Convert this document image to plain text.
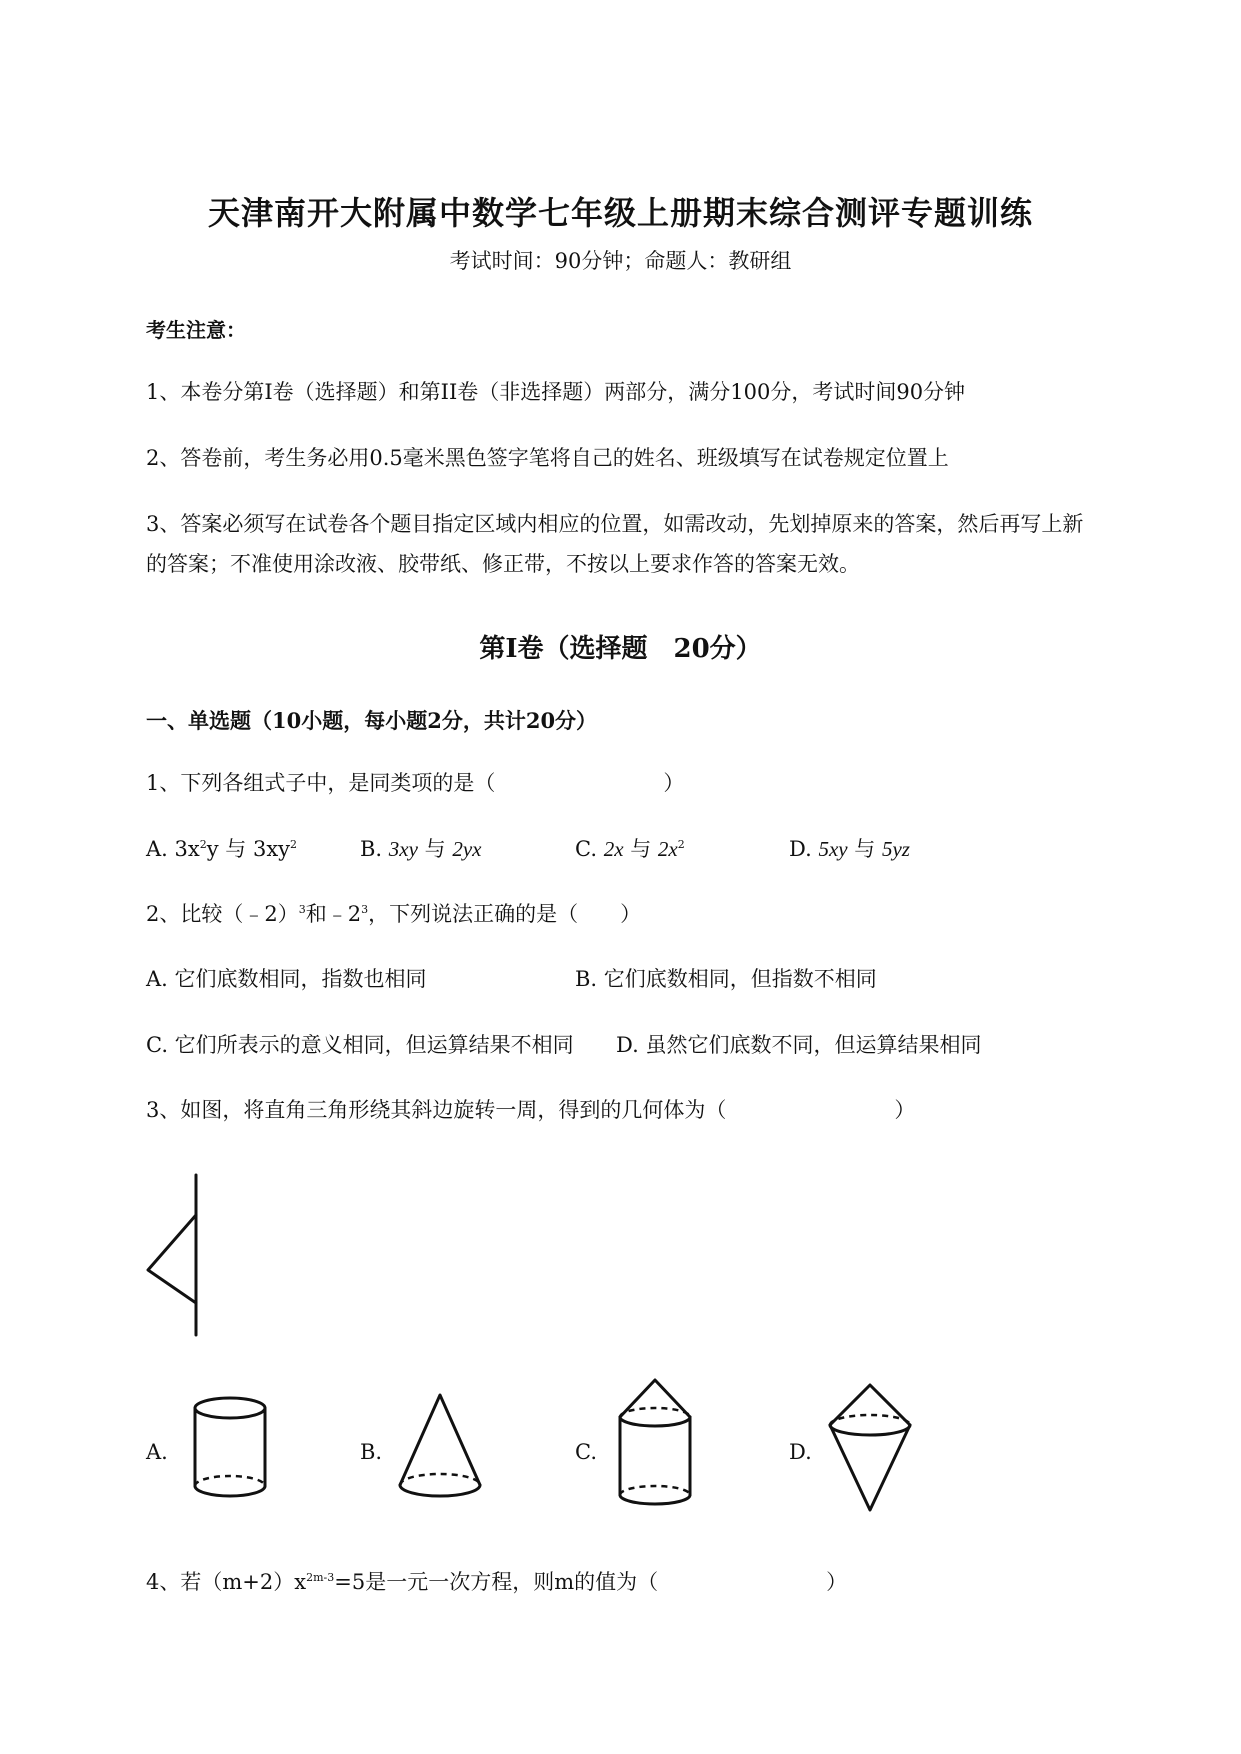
天津南开大附属中数学七年级上册期末综合测评专题训练
考试时间：90分钟；命题人：教研组
考生注意：
1、本卷分第I卷（选择题）和第II卷（非选择题）两部分，满分100分，考试时间90分钟
2、答卷前，考生务必用0.5毫米黑色签字笔将自己的姓名、班级填写在试卷规定位置上
3、答案必须写在试卷各个题目指定区域内相应的位置，如需改动，先划掉原来的答案，然后再写上新
的答案；不准使用涂改液、胶带纸、修正带，不按以上要求作答的答案无效。
第I卷（选择题　20分）
一、单选题（10小题，每小题2分，共计20分）
1、下列各组式子中，是同类项的是（　　　　　　　　）
A. $3x^2y$ 与 $3xy^2$	B. 3xy 与 2yx	C. 2x 与 $2x^2$	D. 5xy 与 5yz
2、比较（﹣2）$^3$和$﹣2^3$，下列说法正确的是（　　）
A. 它们底数相同，指数也相同	B. 它们底数相同，但指数不相同
C. 它们所表示的意义相同，但运算结果不相同 D. 虽然它们底数不同，但运算结果相同
3、如图，将直角三角形绕其斜边旋转一周，得到的几何体为（　　　　　　　　）
A.	B.	C.	D.
4、若$(m+2)x^{2m-3}=5$是一元一次方程，则m的值为（　　　　　　　　）
